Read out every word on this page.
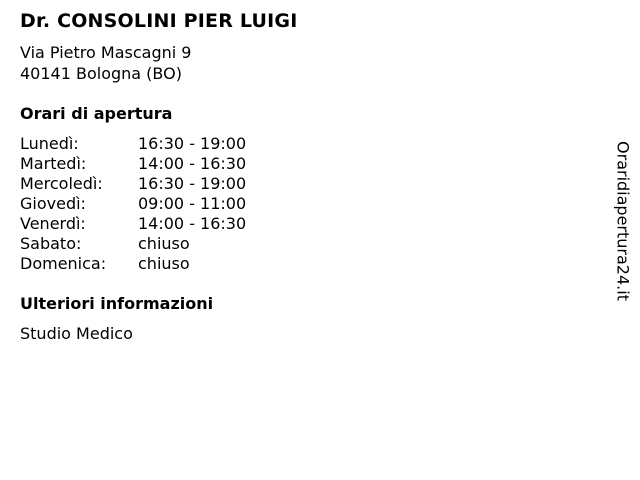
Dr. CONSOLINI PIER LUIGI
Via Pietro Mascagni 9
40141 Bologna (BO)
Orari di apertura
Lunedì:	16:30 - 19:00
Martedì:	14:00 - 16:30
Mercoledì:	16:30 - 19:00
Giovedì:	09:00 - 11:00
Venerdì:	14:00 - 16:30
Sabato:	chiuso
Domenica:	chiuso
Ulteriori informazioni
Studio Medico
Oraridiapertura24.it
